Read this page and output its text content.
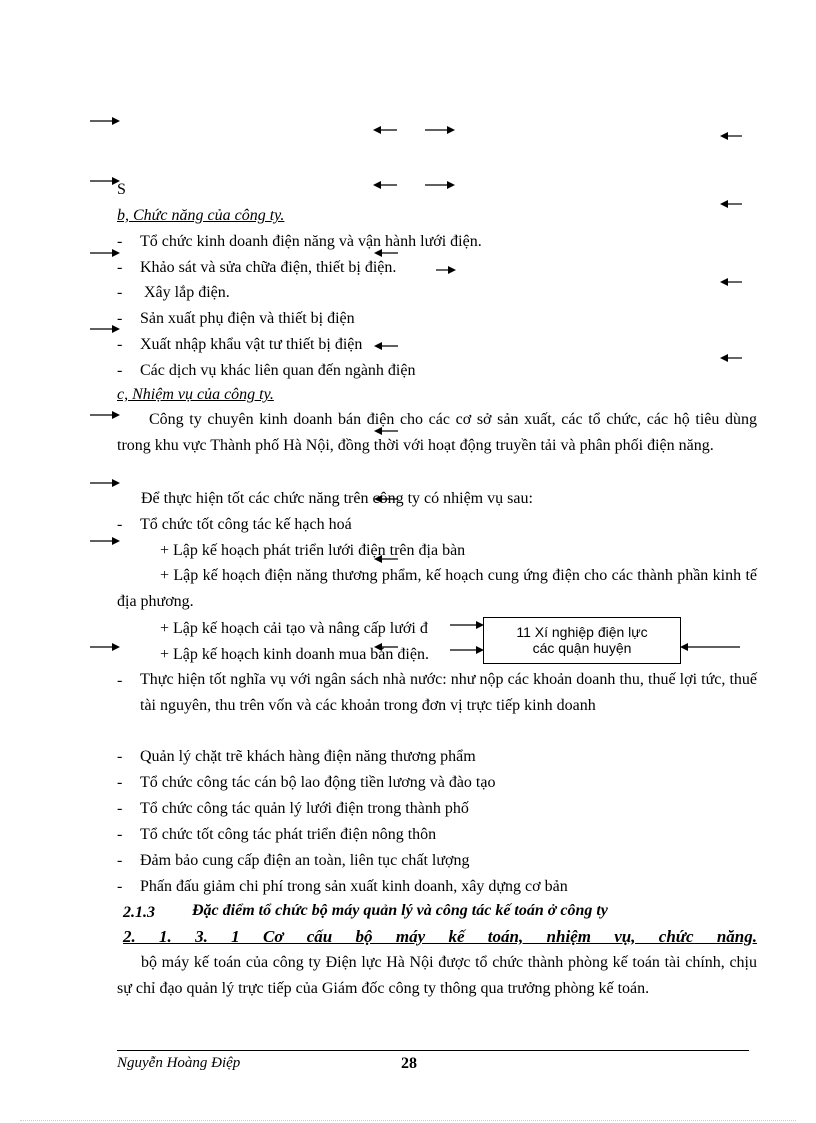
S
b, Chức năng của công ty.
-	Tổ chức kinh doanh điện năng và vận hành lưới điện.
-	Khảo sát và sửa chữa điện, thiết bị điện.
-	Xây lắp điện.
-	Sản xuất phụ điện và thiết bị điện
-	Xuất nhập khẩu vật tư thiết bị điện
-	Các dịch vụ khác liên quan đến ngành điện
c, Nhiệm vụ của công ty.
Công ty chuyên kinh doanh bán điện cho các cơ sở sản xuất, các tổ chức, các hộ tiêu dùng trong khu vực Thành phố Hà Nội, đồng thời với hoạt động truyền tải và phân phối điện năng.
Để thực hiện tốt các chức năng trên công ty có nhiệm vụ sau:
-	Tổ chức tốt công tác kế hạch hoá
+ Lập kế hoạch phát triển lưới điện trên địa bàn
+ Lập kế hoạch điện năng thương phẩm, kế hoạch cung ứng điện cho các thành phần kinh tế địa phương.
+ Lập kế hoạch cải tạo và nâng cấp lưới đ
+ Lập kế hoạch kinh doanh mua bán điện.
11 Xí nghiệp điện lực
các quận huyện
-	Thực hiện tốt nghĩa vụ với ngân sách nhà nước: như nộp các khoản doanh thu, thuế lợi tức, thuế tài nguyên, thu trên vốn và các khoản trong đơn vị trực tiếp kinh doanh
-	Quản lý chặt trẽ khách hàng điện năng thương phẩm
-	Tổ chức công tác cán bộ lao động tiền lương và đào tạo
-	Tổ chức công tác quản lý lưới điện trong thành phố
-	Tổ chức tốt công tác phát triển điện nông thôn
-	Đảm bảo cung cấp điện an toàn, liên tục chất lượng
-	Phấn đấu giảm chi phí trong sản xuất kinh doanh, xây dựng cơ bản
2.1.3 Đặc điểm tổ chức bộ máy quản lý và công tác kế toán ở công ty
2. 1. 3. 1 Cơ cấu bộ máy kế toán, nhiệm vụ, chức năng.
bộ máy kế toán của công ty Điện lực Hà Nội được tổ chức thành phòng kế toán tài chính, chịu sự chỉ đạo quản lý trực tiếp của Giám đốc công ty thông qua trưởng phòng kế toán.
Nguyễn Hoàng Điệp	28
